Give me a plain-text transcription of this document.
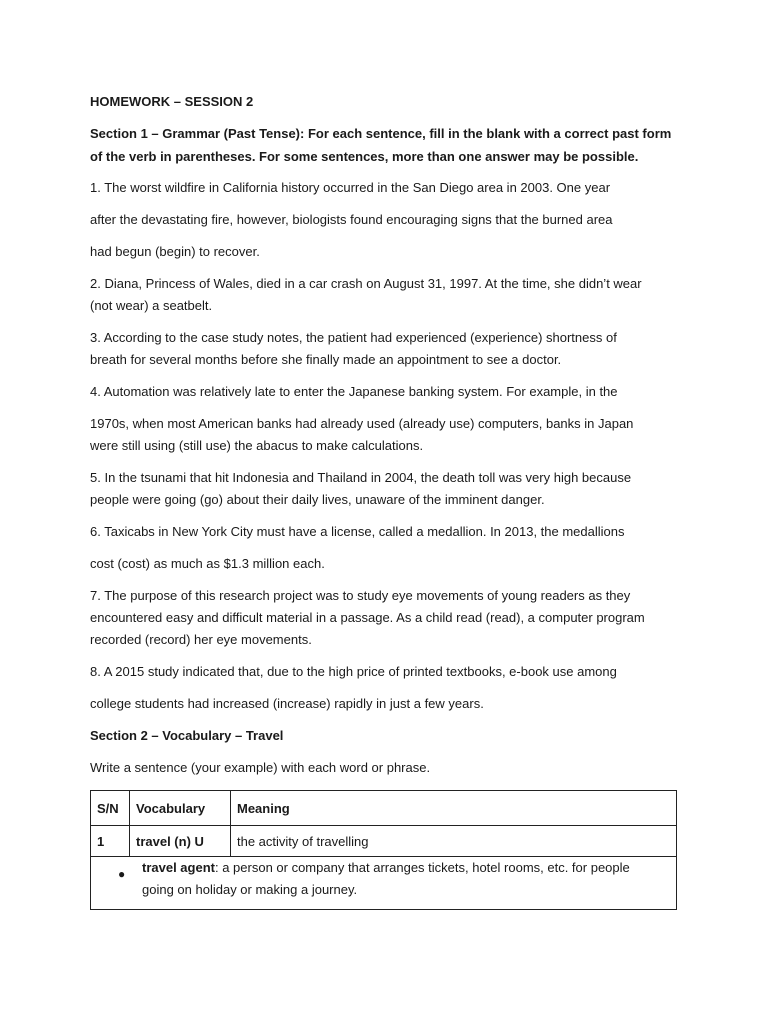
HOMEWORK – SESSION 2
Section 1 – Grammar (Past Tense): For each sentence, fill in the blank with a correct past form
of the verb in parentheses. For some sentences, more than one answer may be possible.
1. The worst wildfire in California history occurred in the San Diego area in 2003. One year
after the devastating fire, however, biologists found encouraging signs that the burned area
had begun (begin) to recover.
2. Diana, Princess of Wales, died in a car crash on August 31, 1997. At the time, she didn’t wear
(not wear) a seatbelt.
3. According to the case study notes, the patient had experienced (experience) shortness of
breath for several months before she finally made an appointment to see a doctor.
4. Automation was relatively late to enter the Japanese banking system. For example, in the
1970s, when most American banks had already used (already use) computers, banks in Japan
were still using (still use) the abacus to make calculations.
5. In the tsunami that hit Indonesia and Thailand in 2004, the death toll was very high because
people were going (go) about their daily lives, unaware of the imminent danger.
6. Taxicabs in New York City must have a license, called a medallion. In 2013, the medallions
cost (cost) as much as $1.3 million each.
7. The purpose of this research project was to study eye movements of young readers as they
encountered easy and difficult material in a passage. As a child read (read), a computer program
recorded (record) her eye movements.
8. A 2015 study indicated that, due to the high price of printed textbooks, e-book use among
college students had increased (increase) rapidly in just a few years.
Section 2 – Vocabulary – Travel
Write a sentence (your example) with each word or phrase.
S/N	Vocabulary	Meaning
1	travel (n) U	the activity of travelling
● travel agent: a person or company that arranges tickets, hotel rooms, etc. for people
going on holiday or making a journey.
